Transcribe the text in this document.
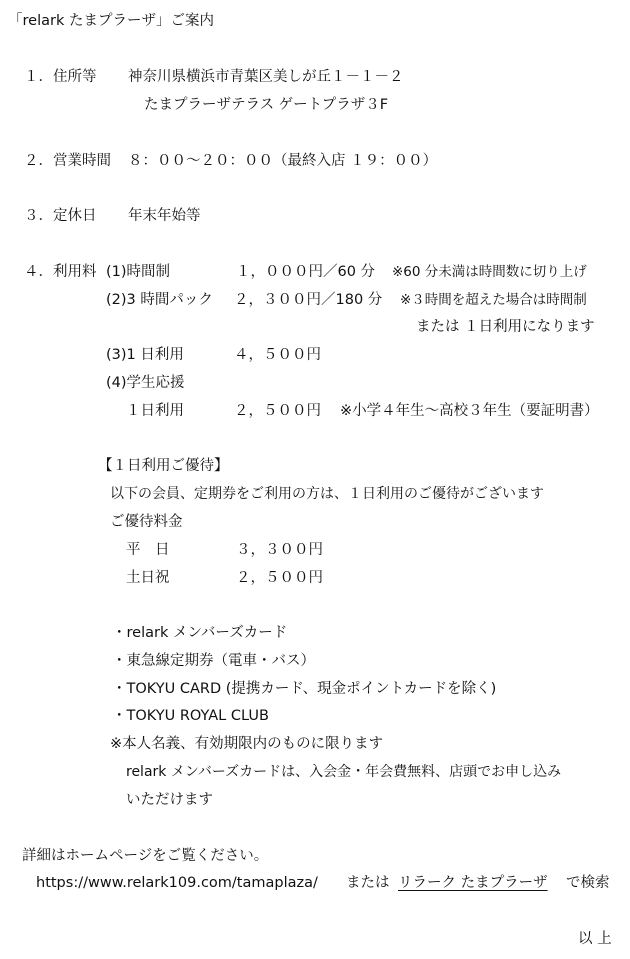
「relark たまプラーザ」ご案内
１．住所等 神奈川県横浜市青葉区美しが丘１－１－２
たまプラーザテラス ゲートプラザ３F
２．営業時間 ８：００～２０：００（最終入店 １９：００）
３．定休日 年末年始等
４．利用料 (1)時間制	１，０００円／60 分 ※60 分未満は時間数に切り上げ
(2)3 時間パック ２，３００円／180 分 ※３時間を超えた場合は時間制
または １日利用になります
(3)1 日利用	４，５００円
(4)学生応援
１日利用	２，５００円 ※小学４年生～高校３年生（要証明書）
【１日利用ご優待】
以下の会員、定期券をご利用の方は、１日利用のご優待がございます
ご優待料金
平　日	３，３００円
土日祝	２，５００円
・relark メンバーズカード
・東急線定期券（電車・バス）
・TOKYU CARD (提携カード、現金ポイントカードを除く)
・TOKYU ROYAL CLUB
※本人名義、有効期限内のものに限ります
relark メンバーズカードは、入会金・年会費無料、店頭でお申し込み
いただけます
詳細はホームページをご覧ください。
https://www.relark109.com/tamaplaza/ または リラーク たまプラーザ で検索
以 上
